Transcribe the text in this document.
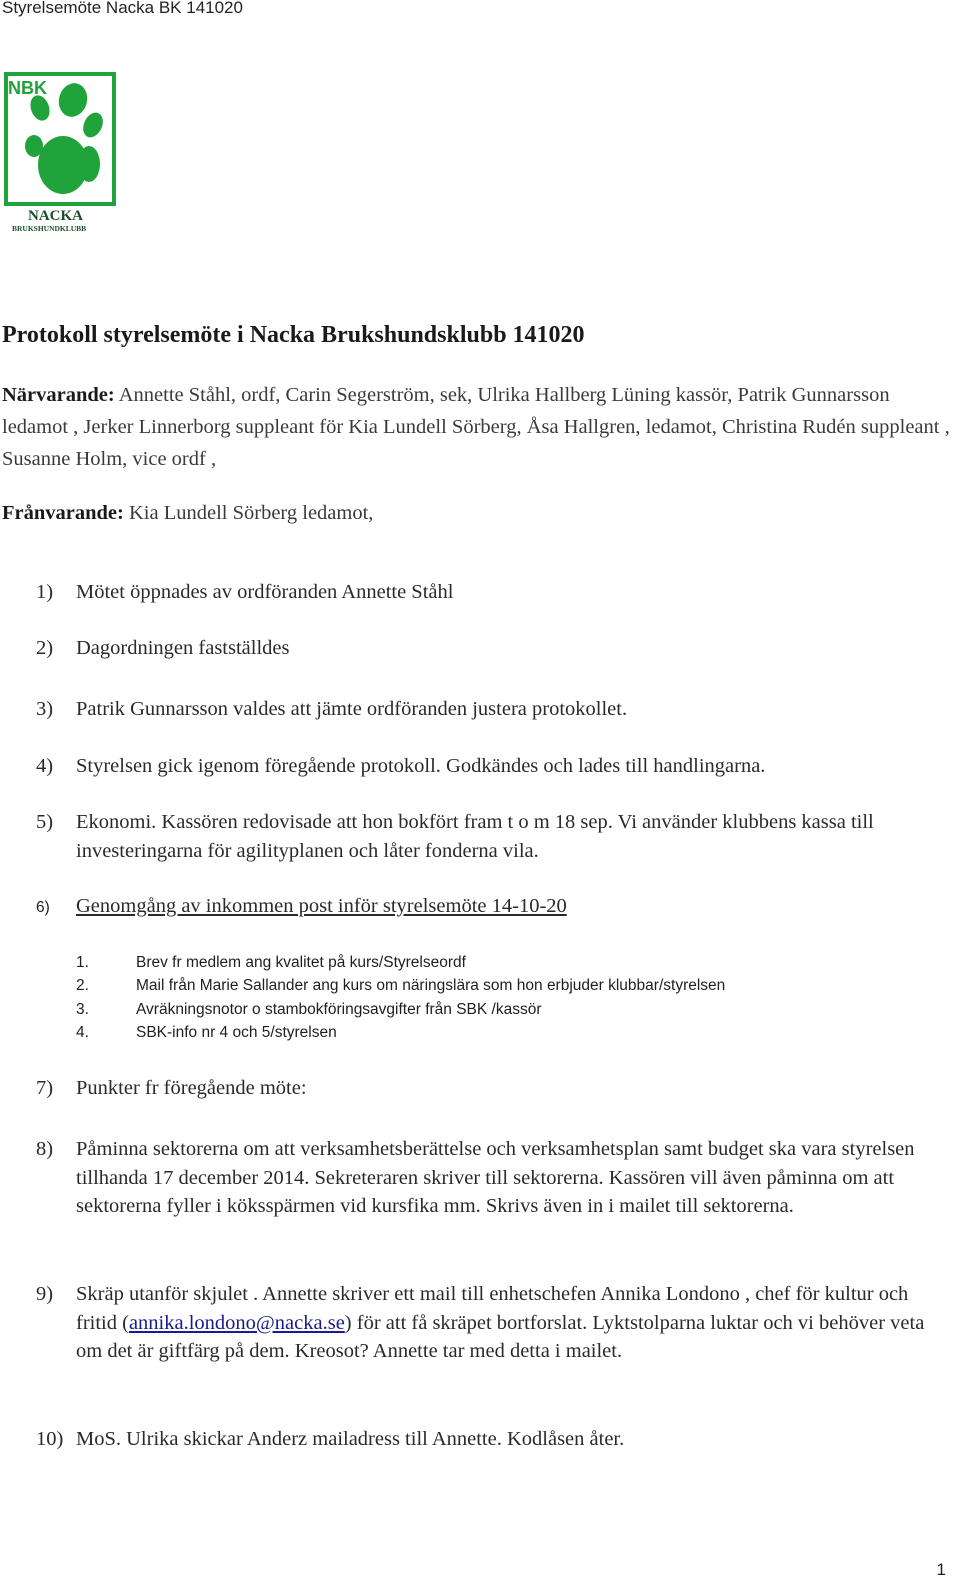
Styrelsemöte Nacka BK 141020
NBK
NACKA
BRUKSHUNDKLUBB
Protokoll styrelsemöte i Nacka Brukshundsklubb 141020
Närvarande: Annette Ståhl, ordf, Carin Segerström, sek, Ulrika Hallberg Lüning kassör, Patrik Gunnarsson ledamot , Jerker Linnerborg suppleant för Kia Lundell Sörberg, Åsa Hallgren, ledamot, Christina Rudén suppleant , Susanne Holm, vice ordf ,
Frånvarande: Kia Lundell Sörberg ledamot,
1) Mötet öppnades av ordföranden Annette Ståhl
2) Dagordningen fastställdes
3) Patrik Gunnarsson valdes att jämte ordföranden justera protokollet.
4) Styrelsen gick igenom föregående protokoll. Godkändes och lades till handlingarna.
5) Ekonomi. Kassören redovisade att hon bokfört fram t o m 18 sep. Vi använder klubbens kassa till investeringarna för agilityplanen och låter fonderna vila.
6) Genomgång av inkommen post inför styrelsemöte 14-10-20
1.	Brev fr medlem ang kvalitet på kurs/Styrelseordf
2.	Mail från Marie Sallander ang kurs om näringslära som hon erbjuder klubbar/styrelsen
3.	Avräkningsnotor o stambokföringsavgifter från SBK /kassör
4.	SBK-info nr 4 och 5/styrelsen
7) Punkter fr föregående möte:
8) Påminna sektorerna om att verksamhetsberättelse och verksamhetsplan samt budget ska vara styrelsen tillhanda 17 december 2014. Sekreteraren skriver till sektorerna. Kassören vill även påminna om att sektorerna fyller i köksspärmen vid kursfika mm. Skrivs även in i mailet till sektorerna.
9) Skräp utanför skjulet . Annette skriver ett mail till enhetschefen Annika Londono , chef för kultur och fritid (annika.londono@nacka.se) för att få skräpet bortforslat. Lyktstolparna luktar och vi behöver veta om det är giftfärg på dem. Kreosot? Annette tar med detta i mailet.
10) MoS. Ulrika skickar Anderz mailadress till Annette. Kodlåsen åter.
1
